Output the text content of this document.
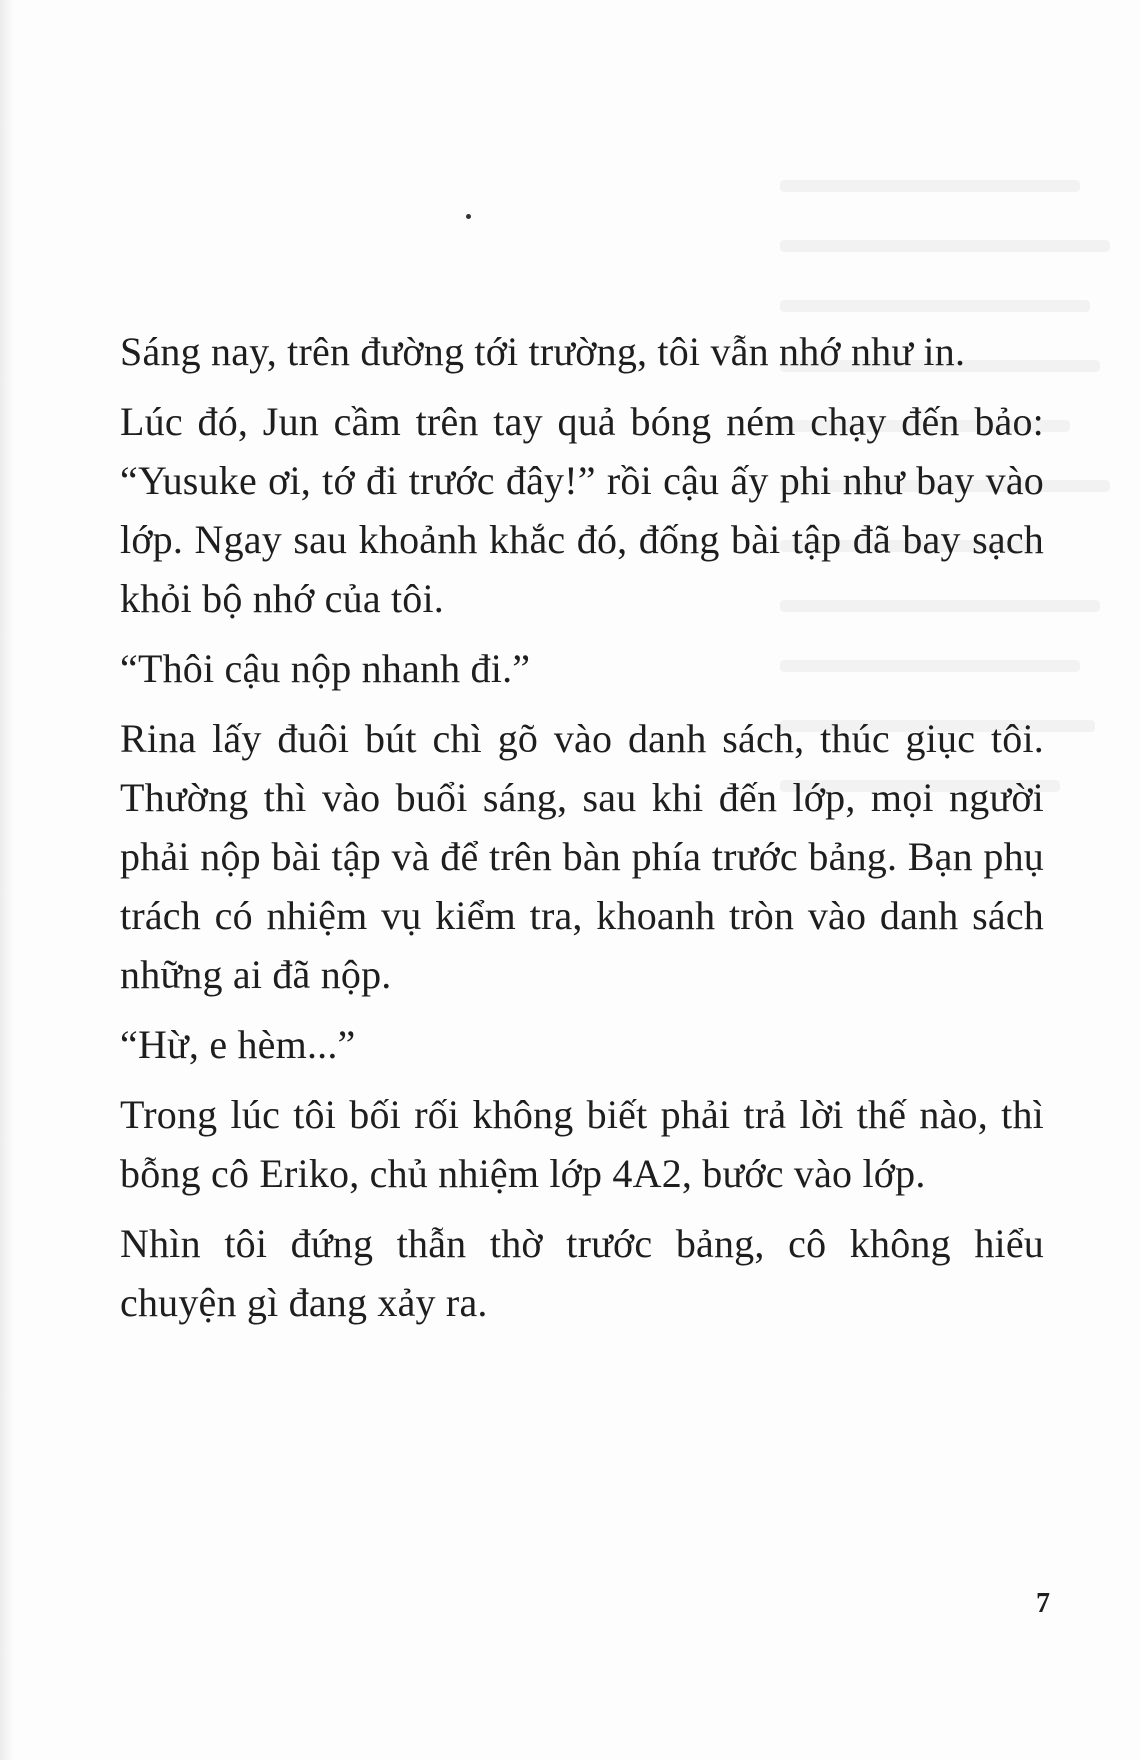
Sáng nay, trên đường tới trường, tôi vẫn nhớ như in.

Lúc đó, Jun cầm trên tay quả bóng ném chạy đến bảo: “Yusuke ơi, tớ đi trước đây!” rồi cậu ấy phi như bay vào lớp. Ngay sau khoảnh khắc đó, đống bài tập đã bay sạch khỏi bộ nhớ của tôi.

“Thôi cậu nộp nhanh đi.”

Rina lấy đuôi bút chì gõ vào danh sách, thúc giục tôi. Thường thì vào buổi sáng, sau khi đến lớp, mọi người phải nộp bài tập và để trên bàn phía trước bảng. Bạn phụ trách có nhiệm vụ kiểm tra, khoanh tròn vào danh sách những ai đã nộp.

“Hừ, e hèm...”

Trong lúc tôi bối rối không biết phải trả lời thế nào, thì bỗng cô Eriko, chủ nhiệm lớp 4A2, bước vào lớp.

Nhìn tôi đứng thẫn thờ trước bảng, cô không hiểu chuyện gì đang xảy ra.

7
